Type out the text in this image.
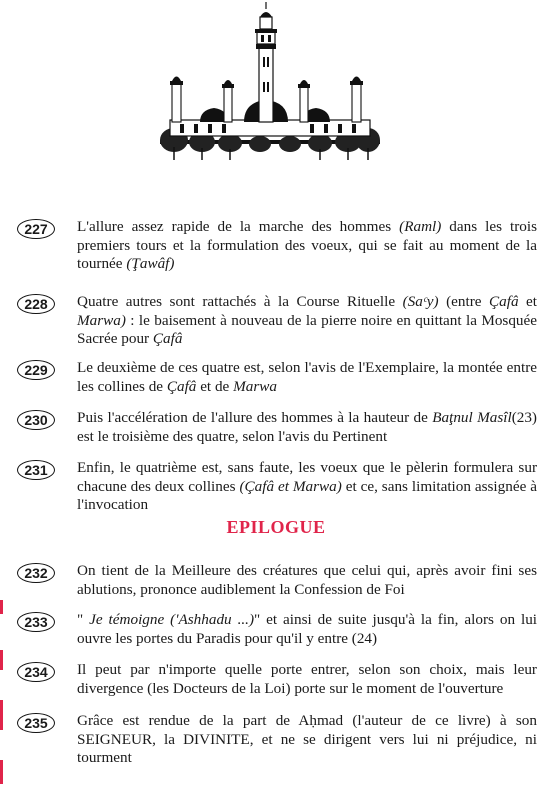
227	L'allure assez rapide de la marche des hommes (Raml) dans les trois premiers tours et la formulation des voeux, qui se fait au moment de la tournée (Ţawâf)
228	Quatre autres sont rattachés à la Course Rituelle (Saᶜy) (entre Çafâ et Marwa) : le baisement à nouveau de la pierre noire en quittant la Mosquée Sacrée pour Çafâ
229	Le deuxième de ces quatre est, selon l'avis de l'Exemplaire, la montée entre les collines de Çafâ et de Marwa
230	Puis l'accélération de l'allure des hommes à la hauteur de Baţnul Masîl(23) est le troisième des quatre, selon l'avis du Pertinent
231	Enfin, le quatrième est, sans faute, les voeux que le pèlerin formulera sur chacune des deux collines (Çafâ et Marwa) et ce, sans limitation assignée à l'invocation
EPILOGUE
232	On tient de la Meilleure des créatures que celui qui, après avoir fini ses ablutions, prononce audiblement la Confession de Foi
233	" Je témoigne ('Ashhadu ...)" et ainsi de suite jusqu'à la fin, alors on lui ouvre les portes du Paradis pour qu'il y entre (24)
234	Il peut par n'importe quelle porte entrer, selon son choix, mais leur divergence (les Docteurs de la Loi) porte sur le moment de l'ouverture
235	Grâce est rendue de la part de Aḥmad (l'auteur de ce livre) à son SEIGNEUR, la DIVINITE, et ne se dirigent vers lui ni préjudice, ni tourment
